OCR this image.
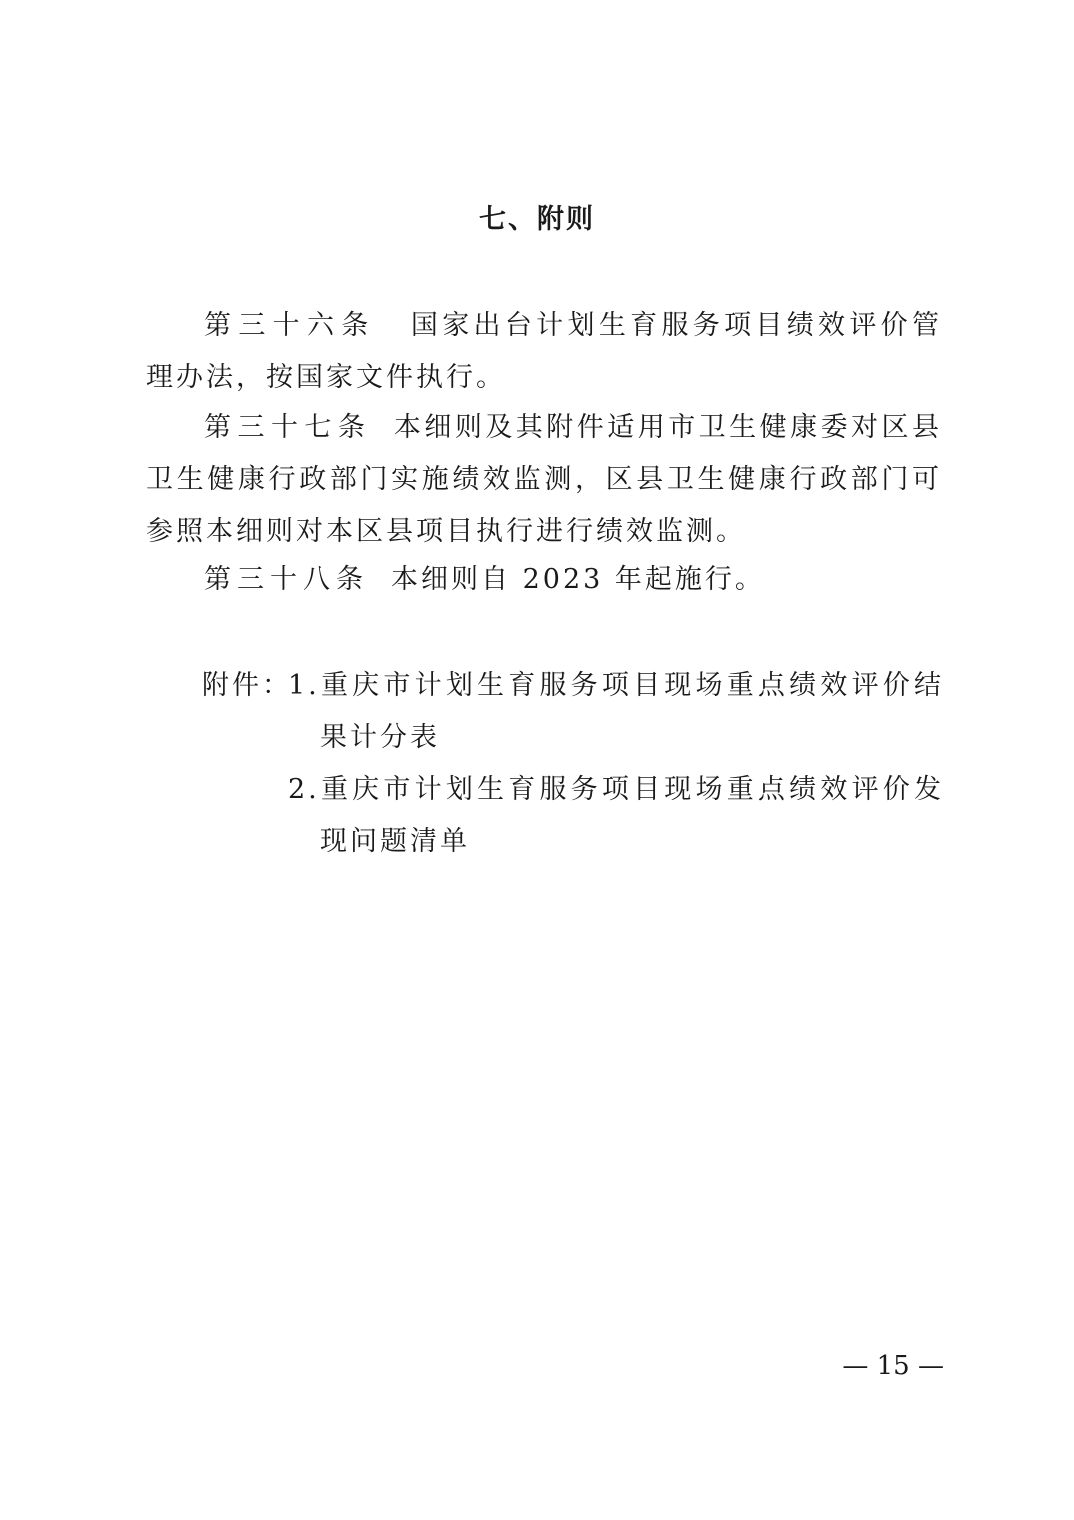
七、附则

第三十六条 国家出台计划生育服务项目绩效评价管理办法，按国家文件执行。

第三十七条 本细则及其附件适用市卫生健康委对区县卫生健康行政部门实施绩效监测，区县卫生健康行政部门可参照本细则对本区县项目执行进行绩效监测。

第三十八条 本细则自 2023 年起施行。

附件：
1.重庆市计划生育服务项目现场重点绩效评价结果计分表
2.重庆市计划生育服务项目现场重点绩效评价发现问题清单
— 15 —
